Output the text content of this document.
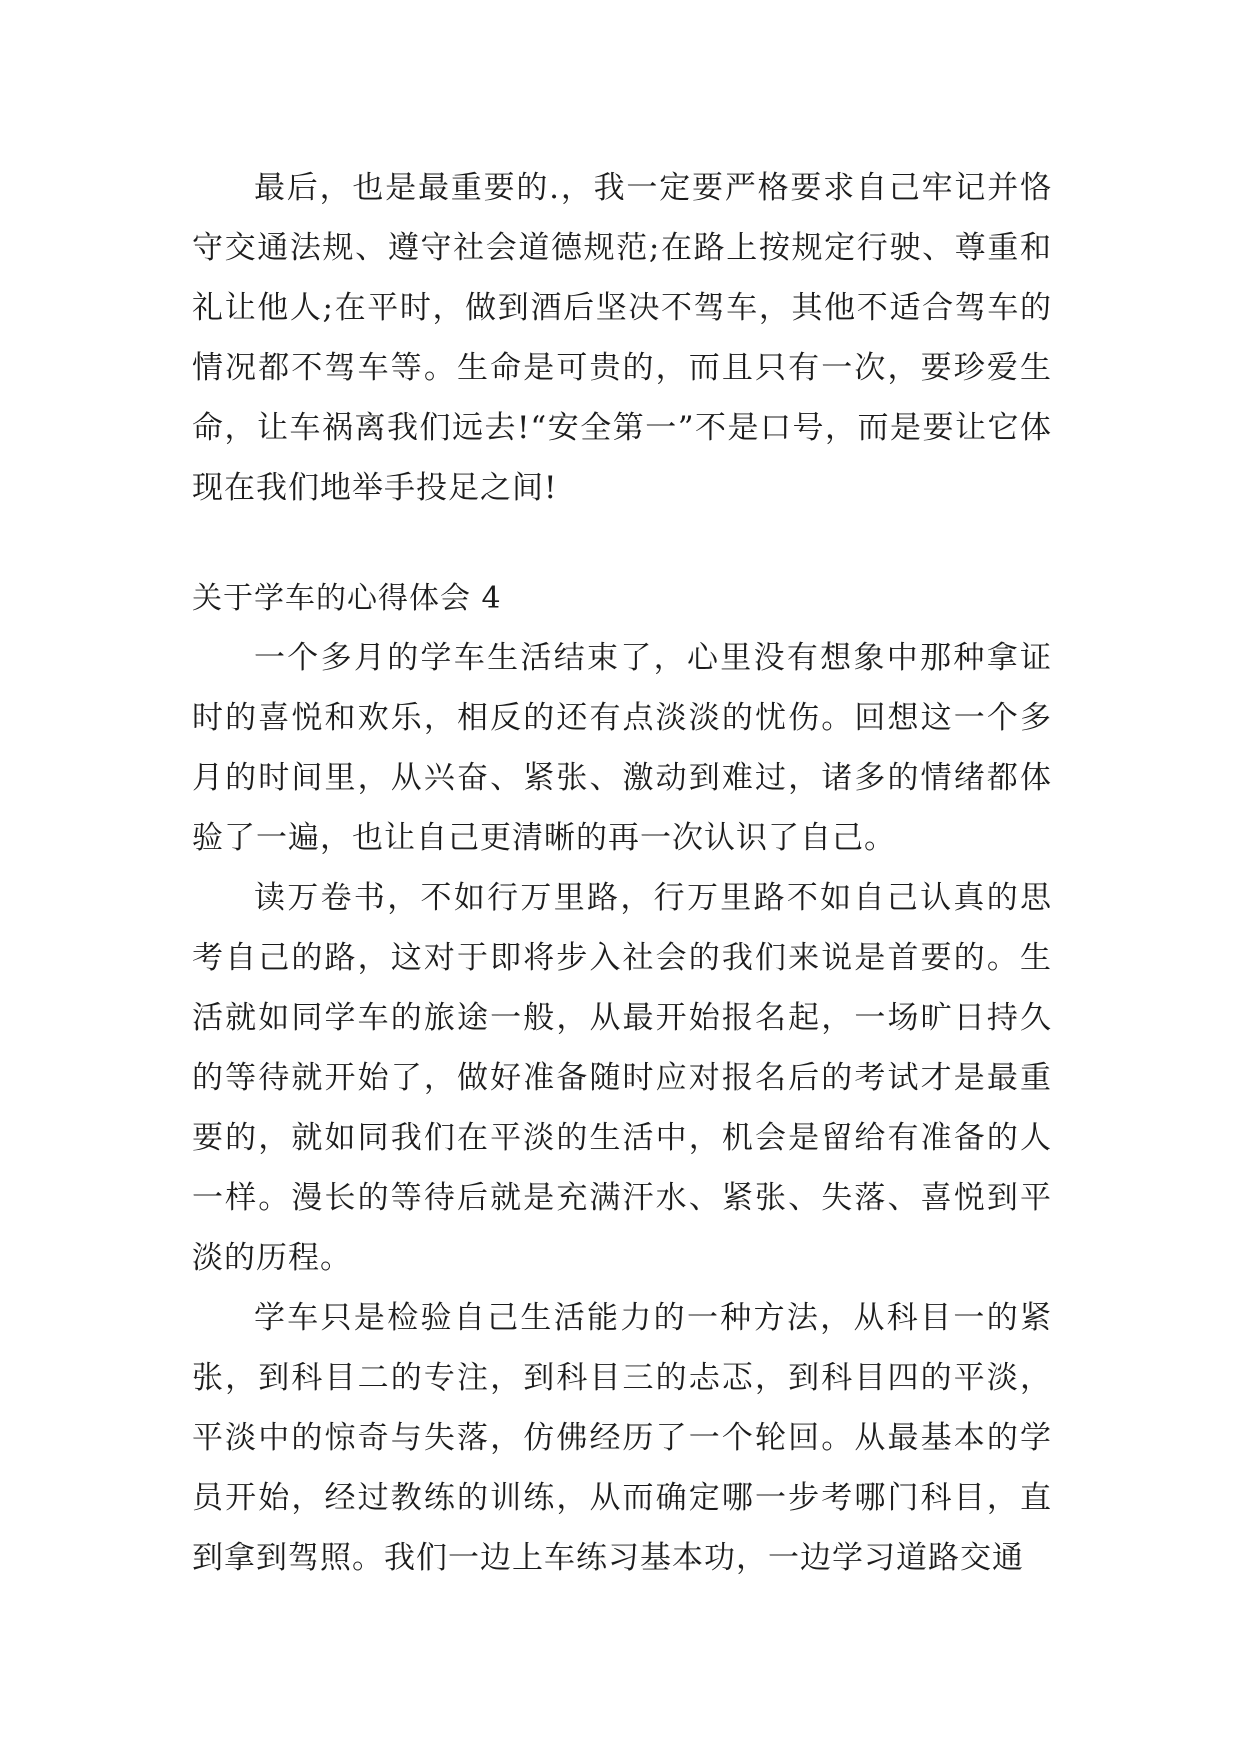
最后，也是最重要的.，我一定要严格要求自己牢记并恪守交通法规、遵守社会道德规范;在路上按规定行驶、尊重和礼让他人;在平时，做到酒后坚决不驾车，其他不适合驾车的情况都不驾车等。生命是可贵的，而且只有一次，要珍爱生命，让车祸离我们远去!“安全第一”不是口号，而是要让它体现在我们地举手投足之间!

关于学车的心得体会 4

一个多月的学车生活结束了，心里没有想象中那种拿证时的喜悦和欢乐，相反的还有点淡淡的忧伤。回想这一个多月的时间里，从兴奋、紧张、激动到难过，诸多的情绪都体验了一遍，也让自己更清晰的再一次认识了自己。

读万卷书，不如行万里路，行万里路不如自己认真的思考自己的路，这对于即将步入社会的我们来说是首要的。生活就如同学车的旅途一般，从最开始报名起，一场旷日持久的等待就开始了，做好准备随时应对报名后的考试才是最重要的，就如同我们在平淡的生活中，机会是留给有准备的人一样。漫长的等待后就是充满汗水、紧张、失落、喜悦到平淡的历程。

学车只是检验自己生活能力的一种方法，从科目一的紧张，到科目二的专注，到科目三的忐忑，到科目四的平淡，平淡中的惊奇与失落，仿佛经历了一个轮回。从最基本的学员开始，经过教练的训练，从而确定哪一步考哪门科目，直到拿到驾照。我们一边上车练习基本功，一边学习道路交通
